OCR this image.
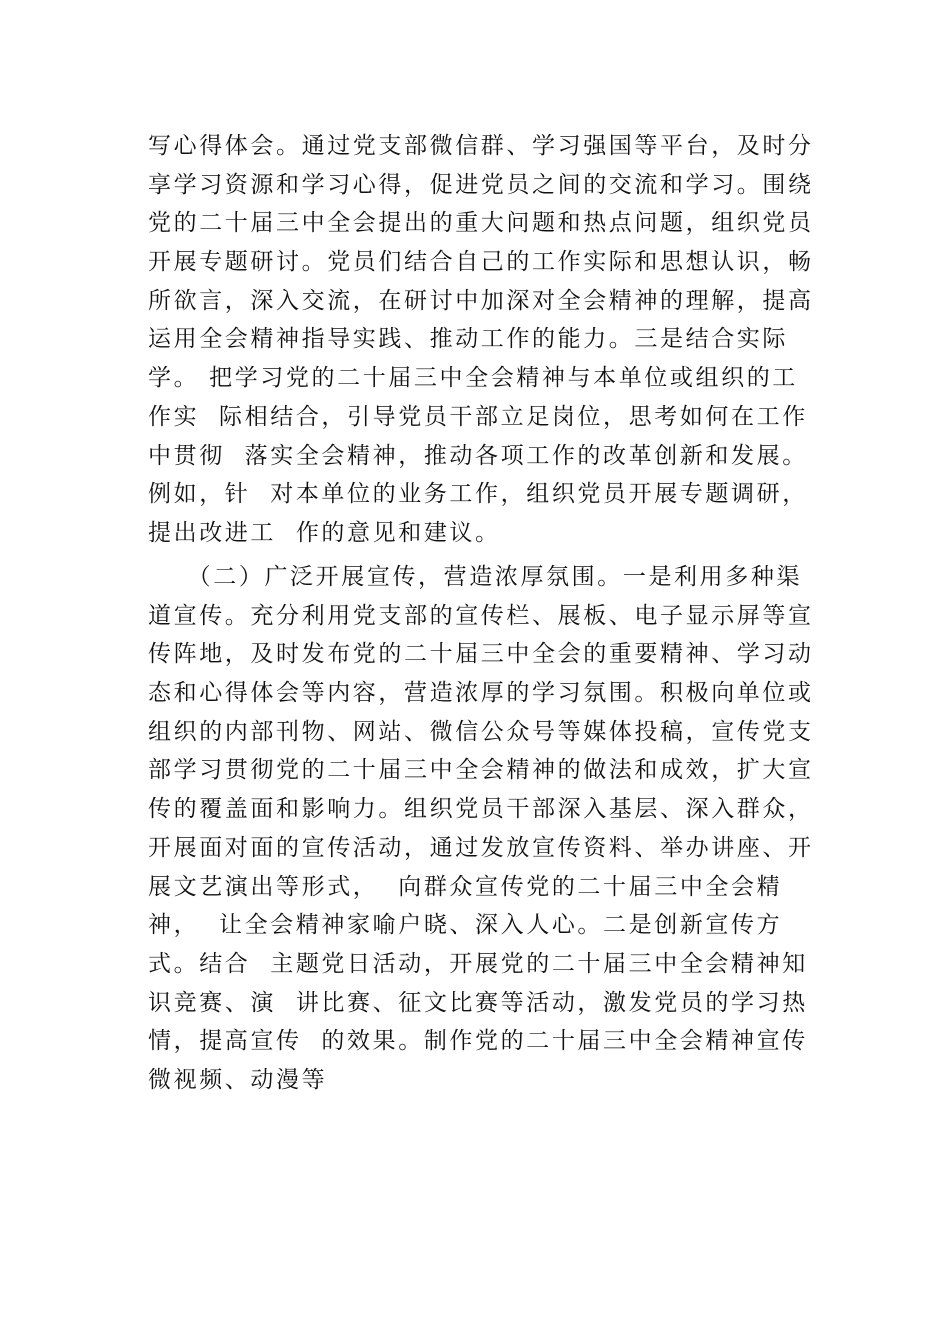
写心得体会。通过党支部微信群、学习强国等平台，及时分
享学习资源和学习心得，促进党员之间的交流和学习。围绕
党的二十届三中全会提出的重大问题和热点问题，组织党员
开展专题研讨。党员们结合自己的工作实际和思想认识，畅
所欲言，深入交流，在研讨中加深对全会精神的理解，提高
运用全会精神指导实践、推动工作的能力。三是结合实际
学。 把学习党的二十届三中全会精神与本单位或组织的工
作实  际相结合，引导党员干部立足岗位，思考如何在工作
中贯彻  落实全会精神，推动各项工作的改革创新和发展。
例如，针  对本单位的业务工作，组织党员开展专题调研，
提出改进工  作的意见和建议。
（二）广泛开展宣传，营造浓厚氛围。一是利用多种渠
道宣传。充分利用党支部的宣传栏、展板、电子显示屏等宣
传阵地，及时发布党的二十届三中全会的重要精神、学习动
态和心得体会等内容，营造浓厚的学习氛围。积极向单位或
组织的内部刊物、网站、微信公众号等媒体投稿，宣传党支
部学习贯彻党的二十届三中全会精神的做法和成效，扩大宣
传的覆盖面和影响力。组织党员干部深入基层、深入群众，
开展面对面的宣传活动，通过发放宣传资料、举办讲座、开
展文艺演出等形式，  向群众宣传党的二十届三中全会精
神，  让全会精神家喻户晓、深入人心。二是创新宣传方
式。结合  主题党日活动，开展党的二十届三中全会精神知
识竞赛、演  讲比赛、征文比赛等活动，激发党员的学习热
情，提高宣传  的效果。制作党的二十届三中全会精神宣传
微视频、动漫等
